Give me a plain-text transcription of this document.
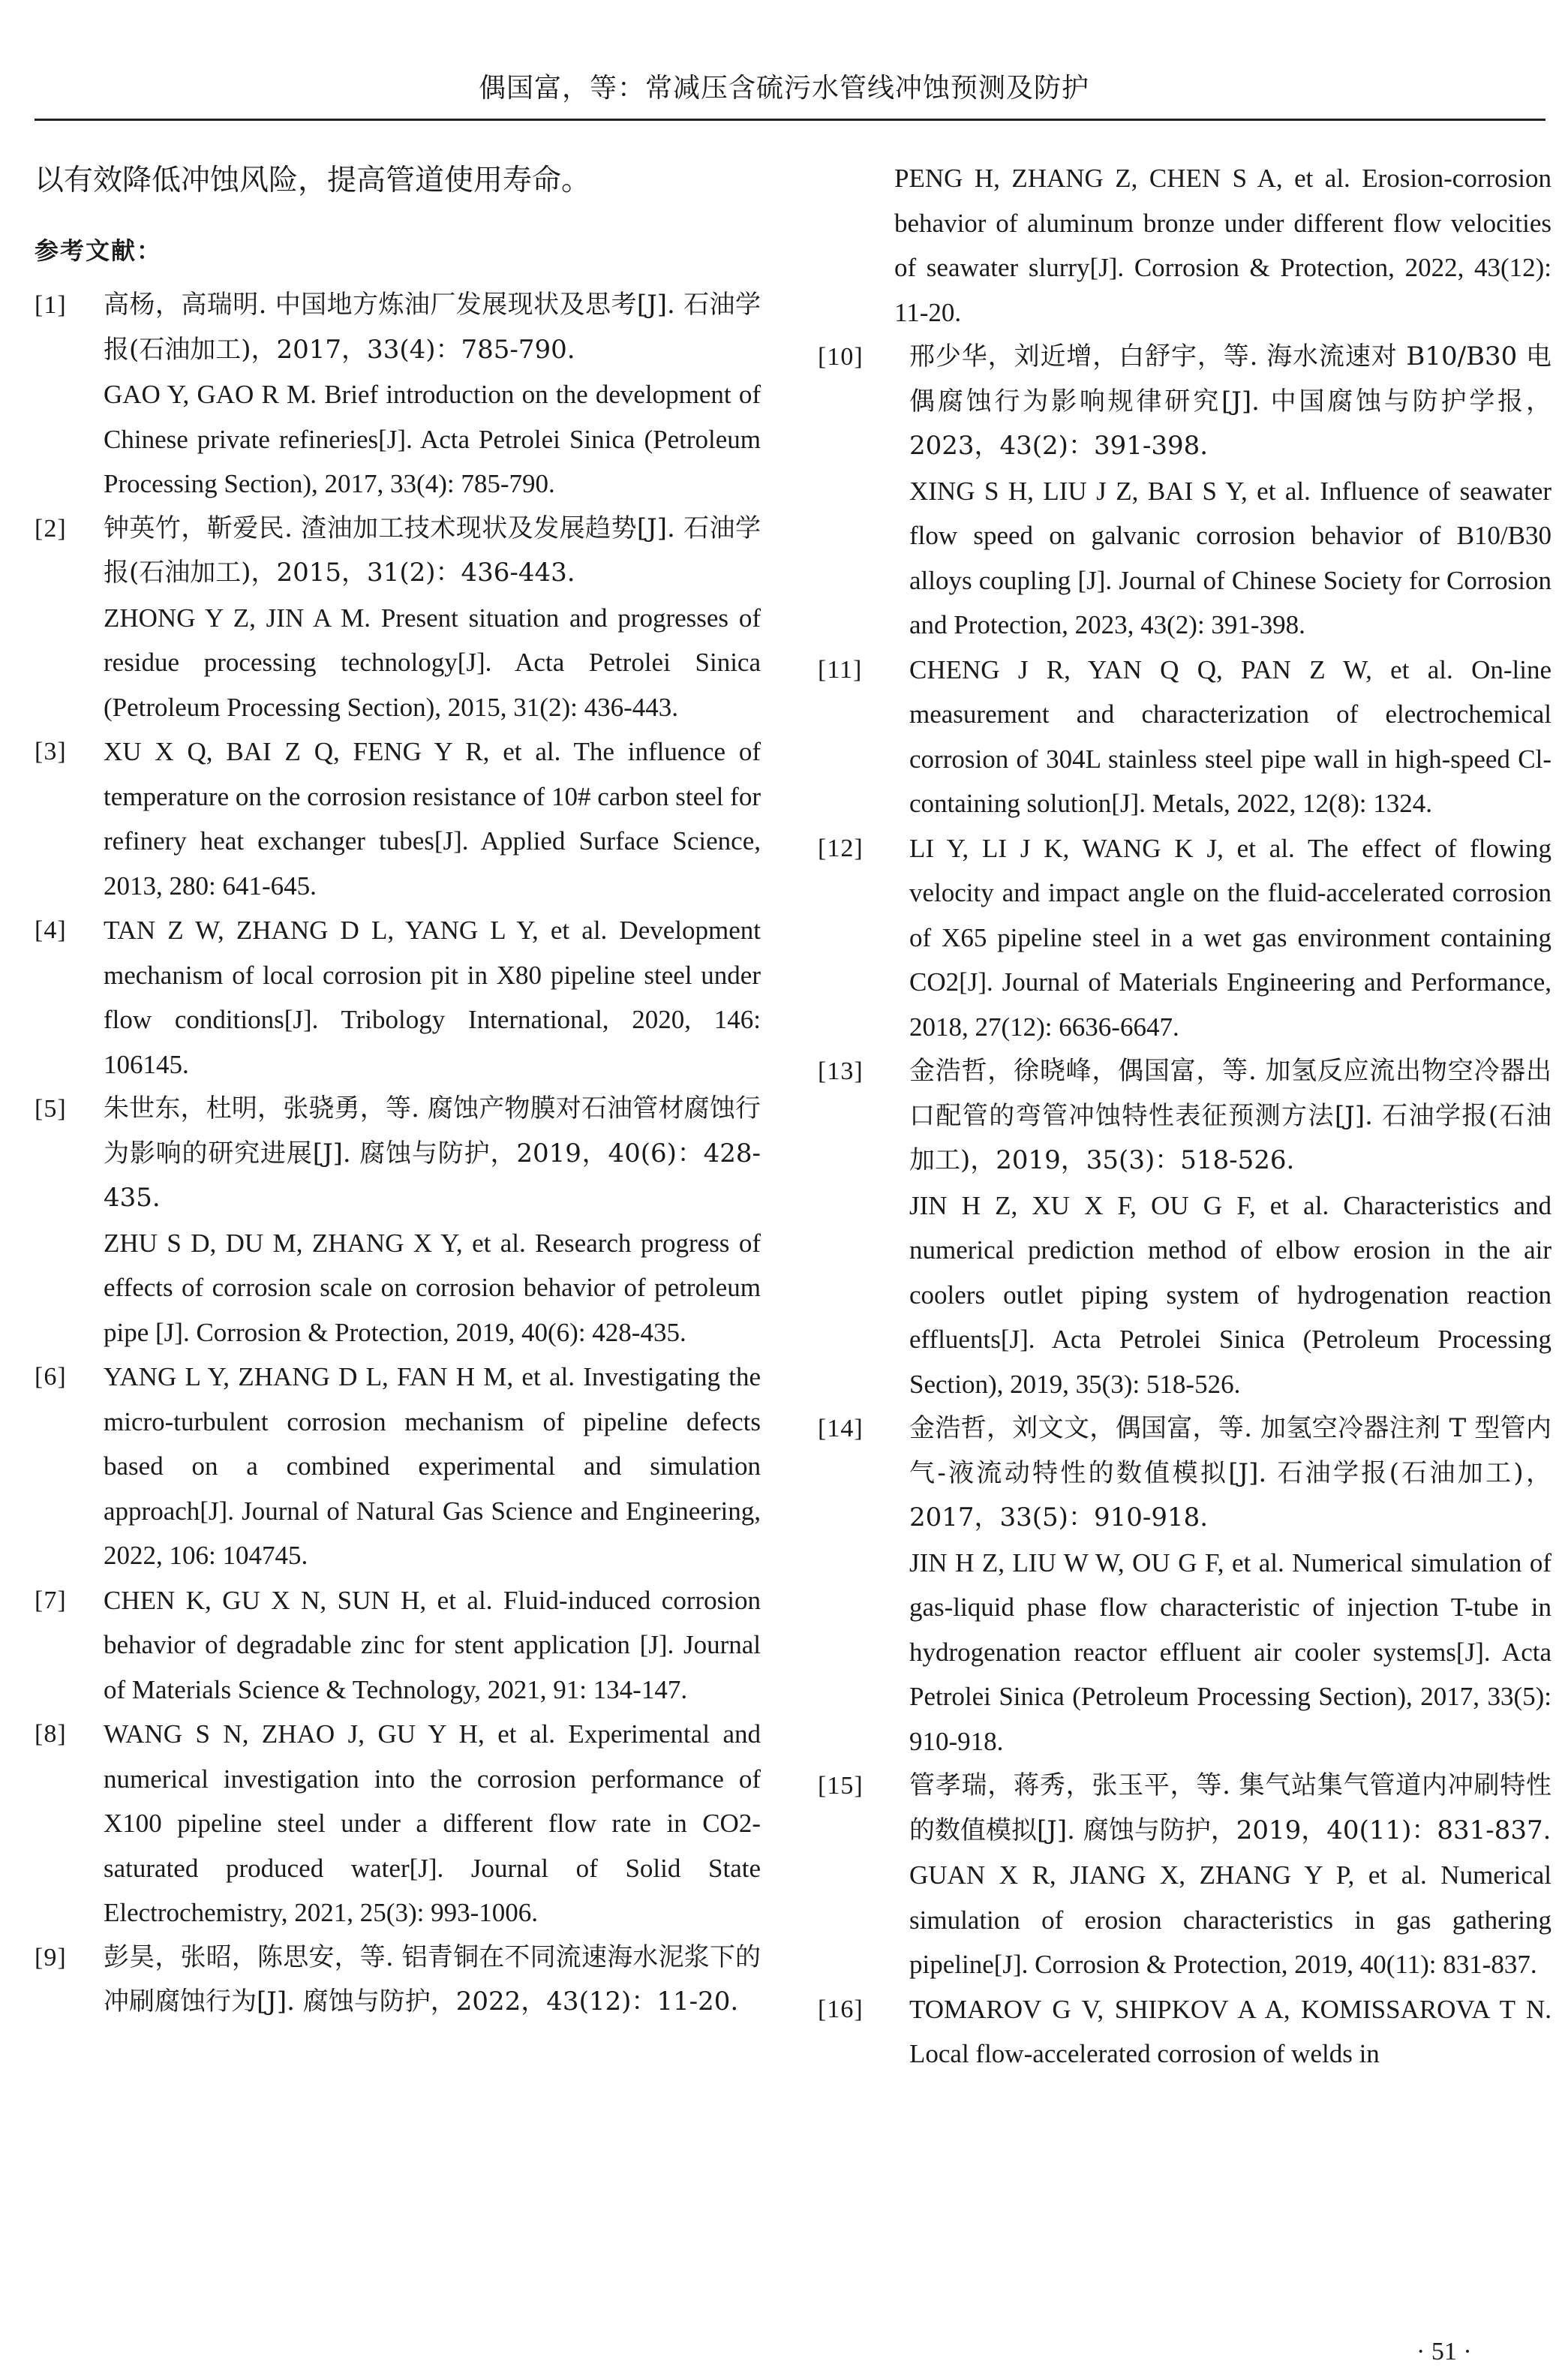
偶国富，等：常减压含硫污水管线冲蚀预测及防护

以有效降低冲蚀风险，提高管道使用寿命。

参考文献：
[1] 高杨，高瑞明. 中国地方炼油厂发展现状及思考[J]. 石油学报(石油加工)，2017，33(4)：785-790.

GAO Y, GAO R M. Brief introduction on the development of Chinese private refineries[J]. Acta Petrolei Sinica (Petroleum Processing Section), 2017, 33(4): 785-790.

[2] 钟英竹，靳爱民. 渣油加工技术现状及发展趋势[J]. 石油学报(石油加工)，2015，31(2)：436-443.

ZHONG Y Z, JIN A M. Present situation and progresses of residue processing technology[J]. Acta Petrolei Sinica (Petroleum Processing Section), 2015, 31(2): 436-443.

[3] XU X Q, BAI Z Q, FENG Y R, et al. The influence of temperature on the corrosion resistance of 10# carbon steel for refinery heat exchanger tubes[J]. Applied Surface Science, 2013, 280: 641-645.

[4] TAN Z W, ZHANG D L, YANG L Y, et al. Development mechanism of local corrosion pit in X80 pipeline steel under flow conditions[J]. Tribology International, 2020, 146: 106145.

[5] 朱世东，杜明，张骁勇，等. 腐蚀产物膜对石油管材腐蚀行为影响的研究进展[J]. 腐蚀与防护，2019，40(6)：428-435.

ZHU S D, DU M, ZHANG X Y, et al. Research progress of effects of corrosion scale on corrosion behavior of petroleum pipe [J]. Corrosion & Protection, 2019, 40(6): 428-435.

[6] YANG L Y, ZHANG D L, FAN H M, et al. Investigating the micro-turbulent corrosion mechanism of pipeline defects based on a combined experimental and simulation approach[J]. Journal of Natural Gas Science and Engineering, 2022, 106: 104745.

[7] CHEN K, GU X N, SUN H, et al. Fluid-induced corrosion behavior of degradable zinc for stent application [J]. Journal of Materials Science & Technology, 2021, 91: 134-147.

[8] WANG S N, ZHAO J, GU Y H, et al. Experimental and numerical investigation into the corrosion performance of X100 pipeline steel under a different flow rate in CO2-saturated produced water[J]. Journal of Solid State Electrochemistry, 2021, 25(3): 993-1006.

[9] 彭昊，张昭，陈思安，等. 铝青铜在不同流速海水泥浆下的冲刷腐蚀行为[J]. 腐蚀与防护，2022，43(12)：11-20.

PENG H, ZHANG Z, CHEN S A, et al. Erosion-corrosion behavior of aluminum bronze under different flow velocities of seawater slurry[J]. Corrosion & Protection, 2022, 43(12): 11-20.

[10] 邢少华，刘近增，白舒宇，等. 海水流速对 B10/B30 电偶腐蚀行为影响规律研究[J]. 中国腐蚀与防护学报，2023，43(2)：391-398.

XING S H, LIU J Z, BAI S Y, et al. Influence of seawater flow speed on galvanic corrosion behavior of B10/B30 alloys coupling [J]. Journal of Chinese Society for Corrosion and Protection, 2023, 43(2): 391-398.

[11] CHENG J R, YAN Q Q, PAN Z W, et al. On-line measurement and characterization of electrochemical corrosion of 304L stainless steel pipe wall in high-speed Cl-containing solution[J]. Metals, 2022, 12(8): 1324.

[12] LI Y, LI J K, WANG K J, et al. The effect of flowing velocity and impact angle on the fluid-accelerated corrosion of X65 pipeline steel in a wet gas environment containing CO2[J]. Journal of Materials Engineering and Performance, 2018, 27(12): 6636-6647.

[13] 金浩哲，徐晓峰，偶国富，等. 加氢反应流出物空冷器出口配管的弯管冲蚀特性表征预测方法[J]. 石油学报(石油加工)，2019，35(3)：518-526.

JIN H Z, XU X F, OU G F, et al. Characteristics and numerical prediction method of elbow erosion in the air coolers outlet piping system of hydrogenation reaction effluents[J]. Acta Petrolei Sinica (Petroleum Processing Section), 2019, 35(3): 518-526.

[14] 金浩哲，刘文文，偶国富，等. 加氢空冷器注剂 T 型管内气-液流动特性的数值模拟[J]. 石油学报(石油加工)，2017，33(5)：910-918.

JIN H Z, LIU W W, OU G F, et al. Numerical simulation of gas-liquid phase flow characteristic of injection T-tube in hydrogenation reactor effluent air cooler systems[J]. Acta Petrolei Sinica (Petroleum Processing Section), 2017, 33(5): 910-918.

[15] 管孝瑞，蒋秀，张玉平，等. 集气站集气管道内冲刷特性的数值模拟[J]. 腐蚀与防护，2019，40(11)：831-837.

GUAN X R, JIANG X, ZHANG Y P, et al. Numerical simulation of erosion characteristics in gas gathering pipeline[J]. Corrosion & Protection, 2019, 40(11): 831-837.

[16] TOMAROV G V, SHIPKOV A A, KOMISSAROVA T N. Local flow-accelerated corrosion of welds in

· 51 ·
